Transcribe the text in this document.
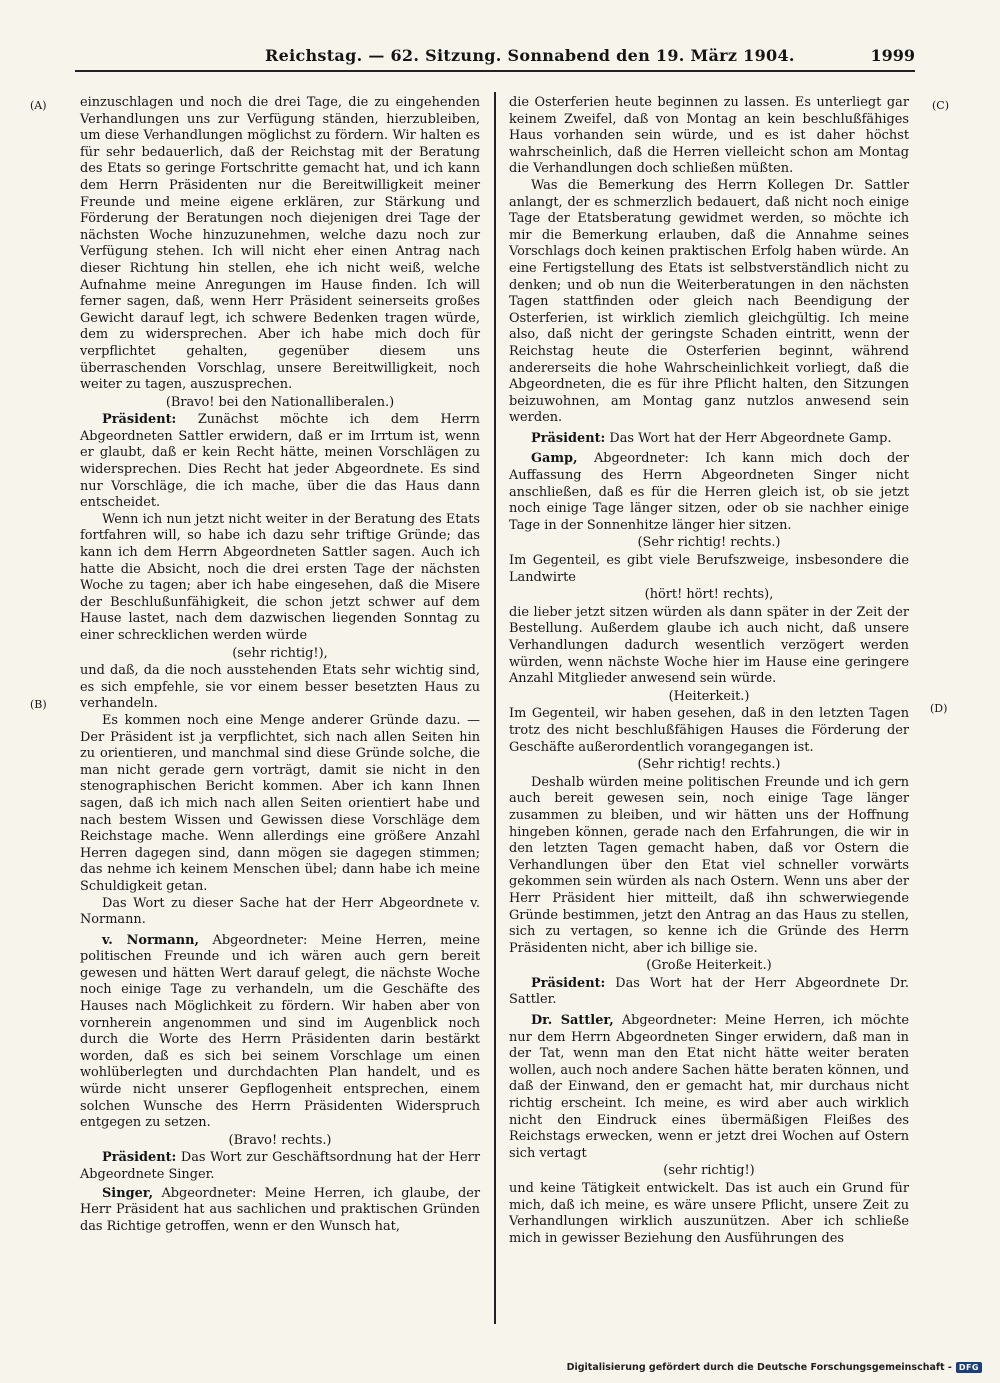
Reichstag. — 62. Sitzung. Sonnabend den 19. März 1904.	1999
(A)
(B)
(C)
(D)

einzuschlagen und noch die drei Tage, die zu eingehenden Verhandlungen uns zur Verfügung ständen, hierzubleiben, um diese Verhandlungen möglichst zu fördern. Wir halten es für sehr bedauerlich, daß der Reichstag mit der Beratung des Etats so geringe Fortschritte gemacht hat, und ich kann dem Herrn Präsidenten nur die Bereitwilligkeit meiner Freunde und meine eigene erklären, zur Stärkung und Förderung der Beratungen noch diejenigen drei Tage der nächsten Woche hinzuzunehmen, welche dazu noch zur Verfügung stehen. Ich will nicht eher einen Antrag nach dieser Richtung hin stellen, ehe ich nicht weiß, welche Aufnahme meine Anregungen im Hause finden. Ich will ferner sagen, daß, wenn Herr Präsident seinerseits großes Gewicht darauf legt, ich schwere Bedenken tragen würde, dem zu widersprechen. Aber ich habe mich doch für verpflichtet gehalten, gegenüber diesem uns überraschenden Vorschlag, unsere Bereitwilligkeit, noch weiter zu tagen, auszusprechen.

(Bravo! bei den Nationalliberalen.)

Präsident: Zunächst möchte ich dem Herrn Abgeordneten Sattler erwidern, daß er im Irrtum ist, wenn er glaubt, daß er kein Recht hätte, meinen Vorschlägen zu widersprechen. Dies Recht hat jeder Abgeordnete. Es sind nur Vorschläge, die ich mache, über die das Haus dann entscheidet.

Wenn ich nun jetzt nicht weiter in der Beratung des Etats fortfahren will, so habe ich dazu sehr triftige Gründe; das kann ich dem Herrn Abgeordneten Sattler sagen. Auch ich hatte die Absicht, noch die drei ersten Tage der nächsten Woche zu tagen; aber ich habe eingesehen, daß die Misere der Beschlußunfähigkeit, die schon jetzt schwer auf dem Hause lastet, nach dem dazwischen liegenden Sonntag zu einer schrecklichen werden würde

(sehr richtig!),

und daß, da die noch ausstehenden Etats sehr wichtig sind, es sich empfehle, sie vor einem besser besetzten Haus zu verhandeln.

Es kommen noch eine Menge anderer Gründe dazu. — Der Präsident ist ja verpflichtet, sich nach allen Seiten hin zu orientieren, und manchmal sind diese Gründe solche, die man nicht gerade gern vorträgt, damit sie nicht in den stenographischen Bericht kommen. Aber ich kann Ihnen sagen, daß ich mich nach allen Seiten orientiert habe und nach bestem Wissen und Gewissen diese Vorschläge dem Reichstage mache. Wenn allerdings eine größere Anzahl Herren dagegen sind, dann mögen sie dagegen stimmen; das nehme ich keinem Menschen übel; dann habe ich meine Schuldigkeit getan.

Das Wort zu dieser Sache hat der Herr Abgeordnete v. Normann.

v. Normann, Abgeordneter: Meine Herren, meine politischen Freunde und ich wären auch gern bereit gewesen und hätten Wert darauf gelegt, die nächste Woche noch einige Tage zu verhandeln, um die Geschäfte des Hauses nach Möglichkeit zu fördern. Wir haben aber von vornherein angenommen und sind im Augenblick noch durch die Worte des Herrn Präsidenten darin bestärkt worden, daß es sich bei seinem Vorschlage um einen wohlüberlegten und durchdachten Plan handelt, und es würde nicht unserer Gepflogenheit entsprechen, einem solchen Wunsche des Herrn Präsidenten Widerspruch entgegen zu setzen.

(Bravo! rechts.)

Präsident: Das Wort zur Geschäftsordnung hat der Herr Abgeordnete Singer.

Singer, Abgeordneter: Meine Herren, ich glaube, der Herr Präsident hat aus sachlichen und praktischen Gründen das Richtige getroffen, wenn er den Wunsch hat,

die Osterferien heute beginnen zu lassen. Es unterliegt gar keinem Zweifel, daß von Montag an kein beschlußfähiges Haus vorhanden sein würde, und es ist daher höchst wahrscheinlich, daß die Herren vielleicht schon am Montag die Verhandlungen doch schließen müßten.

Was die Bemerkung des Herrn Kollegen Dr. Sattler anlangt, der es schmerzlich bedauert, daß nicht noch einige Tage der Etatsberatung gewidmet werden, so möchte ich mir die Bemerkung erlauben, daß die Annahme seines Vorschlags doch keinen praktischen Erfolg haben würde. An eine Fertigstellung des Etats ist selbstverständlich nicht zu denken; und ob nun die Weiterberatungen in den nächsten Tagen stattfinden oder gleich nach Beendigung der Osterferien, ist wirklich ziemlich gleichgültig. Ich meine also, daß nicht der geringste Schaden eintritt, wenn der Reichstag heute die Osterferien beginnt, während andererseits die hohe Wahrscheinlichkeit vorliegt, daß die Abgeordneten, die es für ihre Pflicht halten, den Sitzungen beizuwohnen, am Montag ganz nutzlos anwesend sein werden.

Präsident: Das Wort hat der Herr Abgeordnete Gamp.

Gamp, Abgeordneter: Ich kann mich doch der Auffassung des Herrn Abgeordneten Singer nicht anschließen, daß es für die Herren gleich ist, ob sie jetzt noch einige Tage länger sitzen, oder ob sie nachher einige Tage in der Sonnenhitze länger hier sitzen.

(Sehr richtig! rechts.)

Im Gegenteil, es gibt viele Berufszweige, insbesondere die Landwirte

(hört! hört! rechts),

die lieber jetzt sitzen würden als dann später in der Zeit der Bestellung. Außerdem glaube ich auch nicht, daß unsere Verhandlungen dadurch wesentlich verzögert werden würden, wenn nächste Woche hier im Hause eine geringere Anzahl Mitglieder anwesend sein würde.

(Heiterkeit.)

Im Gegenteil, wir haben gesehen, daß in den letzten Tagen trotz des nicht beschlußfähigen Hauses die Förderung der Geschäfte außerordentlich vorangegangen ist.

(Sehr richtig! rechts.)

Deshalb würden meine politischen Freunde und ich gern auch bereit gewesen sein, noch einige Tage länger zusammen zu bleiben, und wir hätten uns der Hoffnung hingeben können, gerade nach den Erfahrungen, die wir in den letzten Tagen gemacht haben, daß vor Ostern die Verhandlungen über den Etat viel schneller vorwärts gekommen sein würden als nach Ostern. Wenn uns aber der Herr Präsident hier mitteilt, daß ihn schwerwiegende Gründe bestimmen, jetzt den Antrag an das Haus zu stellen, sich zu vertagen, so kenne ich die Gründe des Herrn Präsidenten nicht, aber ich billige sie.

(Große Heiterkeit.)

Präsident: Das Wort hat der Herr Abgeordnete Dr. Sattler.

Dr. Sattler, Abgeordneter: Meine Herren, ich möchte nur dem Herrn Abgeordneten Singer erwidern, daß man in der Tat, wenn man den Etat nicht hätte weiter beraten wollen, auch noch andere Sachen hätte beraten können, und daß der Einwand, den er gemacht hat, mir durchaus nicht richtig erscheint. Ich meine, es wird aber auch wirklich nicht den Eindruck eines übermäßigen Fleißes des Reichstags erwecken, wenn er jetzt drei Wochen auf Ostern sich vertagt

(sehr richtig!)

und keine Tätigkeit entwickelt. Das ist auch ein Grund für mich, daß ich meine, es wäre unsere Pflicht, unsere Zeit zu Verhandlungen wirklich auszunützen. Aber ich schließe mich in gewisser Beziehung den Ausführungen des

Digitalisierung gefördert durch die Deutsche Forschungsgemeinschaft - DFG
